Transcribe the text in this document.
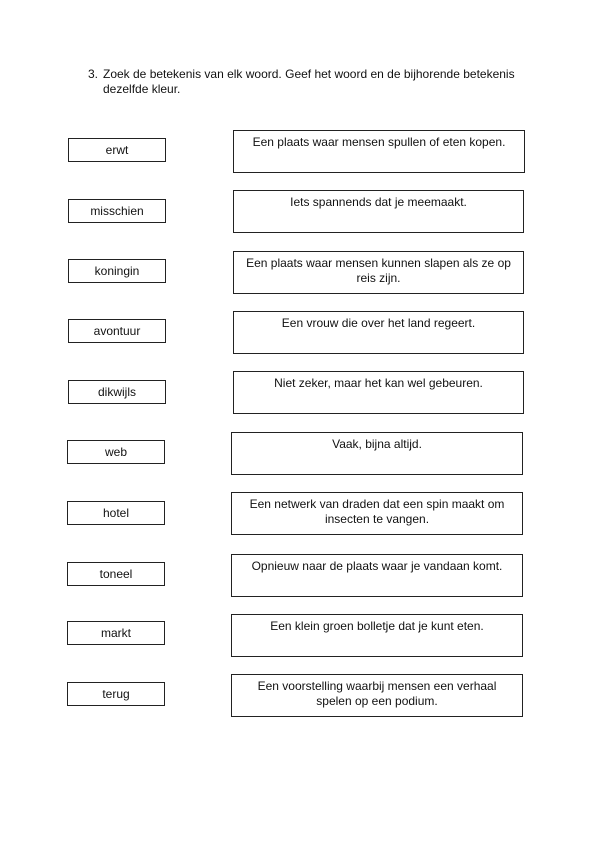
3. Zoek de betekenis van elk woord. Geef het woord en de bijhorende betekenis dezelfde kleur.
erwt
misschien
koningin
avontuur
dikwijls
web
hotel
toneel
markt
terug
Een plaats waar mensen spullen of eten kopen.
Iets spannends dat je meemaakt.
Een plaats waar mensen kunnen slapen als ze op reis zijn.
Een vrouw die over het land regeert.
Niet zeker, maar het kan wel gebeuren.
Vaak, bijna altijd.
Een netwerk van draden dat een spin maakt om insecten te vangen.
Opnieuw naar de plaats waar je vandaan komt.
Een klein groen bolletje dat je kunt eten.
Een voorstelling waarbij mensen een verhaal spelen op een podium.
